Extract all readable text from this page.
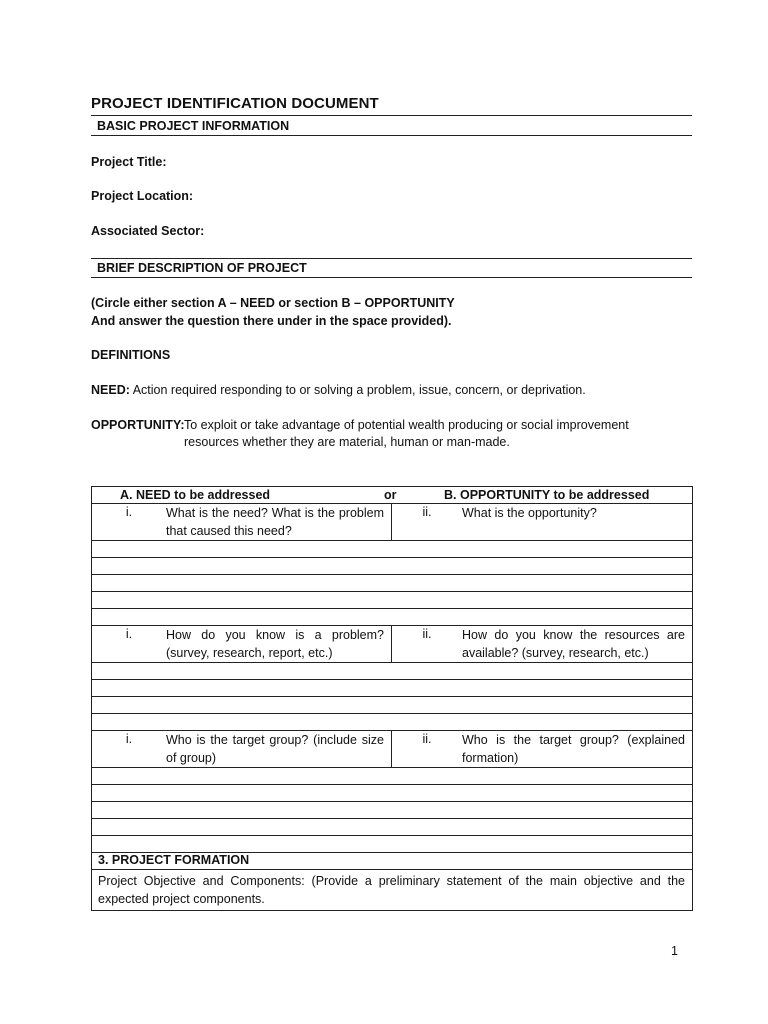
PROJECT IDENTIFICATION DOCUMENT
BASIC PROJECT INFORMATION
Project Title:
Project Location:
Associated Sector:
BRIEF DESCRIPTION OF PROJECT
(Circle either section A – NEED or section B – OPPORTUNITY
And answer the question there under in the space provided).
DEFINITIONS
NEED: Action required responding to or solving a problem, issue, concern, or deprivation.
OPPORTUNITY: To exploit or take advantage of potential wealth producing or social improvement
resources whether they are material, human or man-made.
A. NEED to be addressed or B. OPPORTUNITY to be addressed	

i. What is the need? What is the problem that caused this need?	ii. What is the opportunity?

i. How do you know is a problem? (survey, research, report, etc.)	ii. How do you know the resources are available? (survey, research, etc.)

i. Who is the target group? (include size of group)	ii. Who is the target group? (explained formation)

3. PROJECT FORMATION	

Project Objective and Components: (Provide a preliminary statement of the main objective and the expected project components.	
1
